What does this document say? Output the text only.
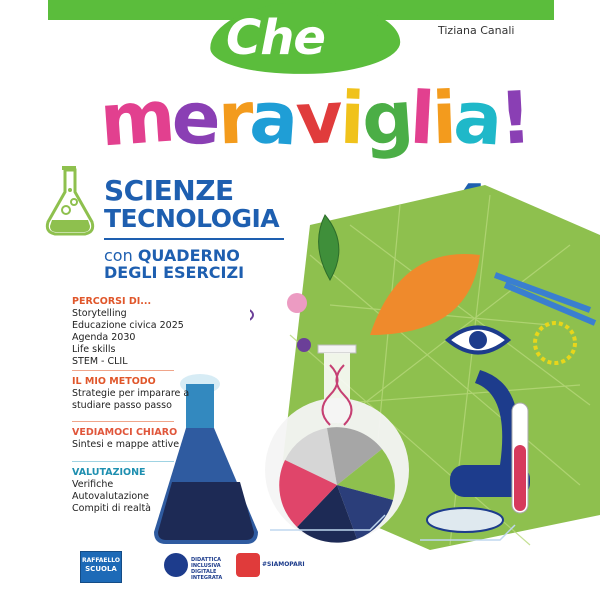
Che	Tiziana Canali
meraviglia!
SCIENZE
TECNOLOGIA
con QUADERNO
DEGLI ESERCIZI
PERCORSI DI...
Storytelling
Educazione civica 2025
Agenda 2030
Life skills
STEM - CLIL
IL MIO METODO
Strategie per imparare a
studiare passo passo
VEDIAMOCI CHIARO
Sintesi e mappe attive
VALUTAZIONE
Verifiche
Autovalutazione
Compiti di realtà
RAFFAELLO
SCUOLA
DIDATTICA
INCLUSIVA
DIGITALE
INTEGRATA
#SIAMOPARI
